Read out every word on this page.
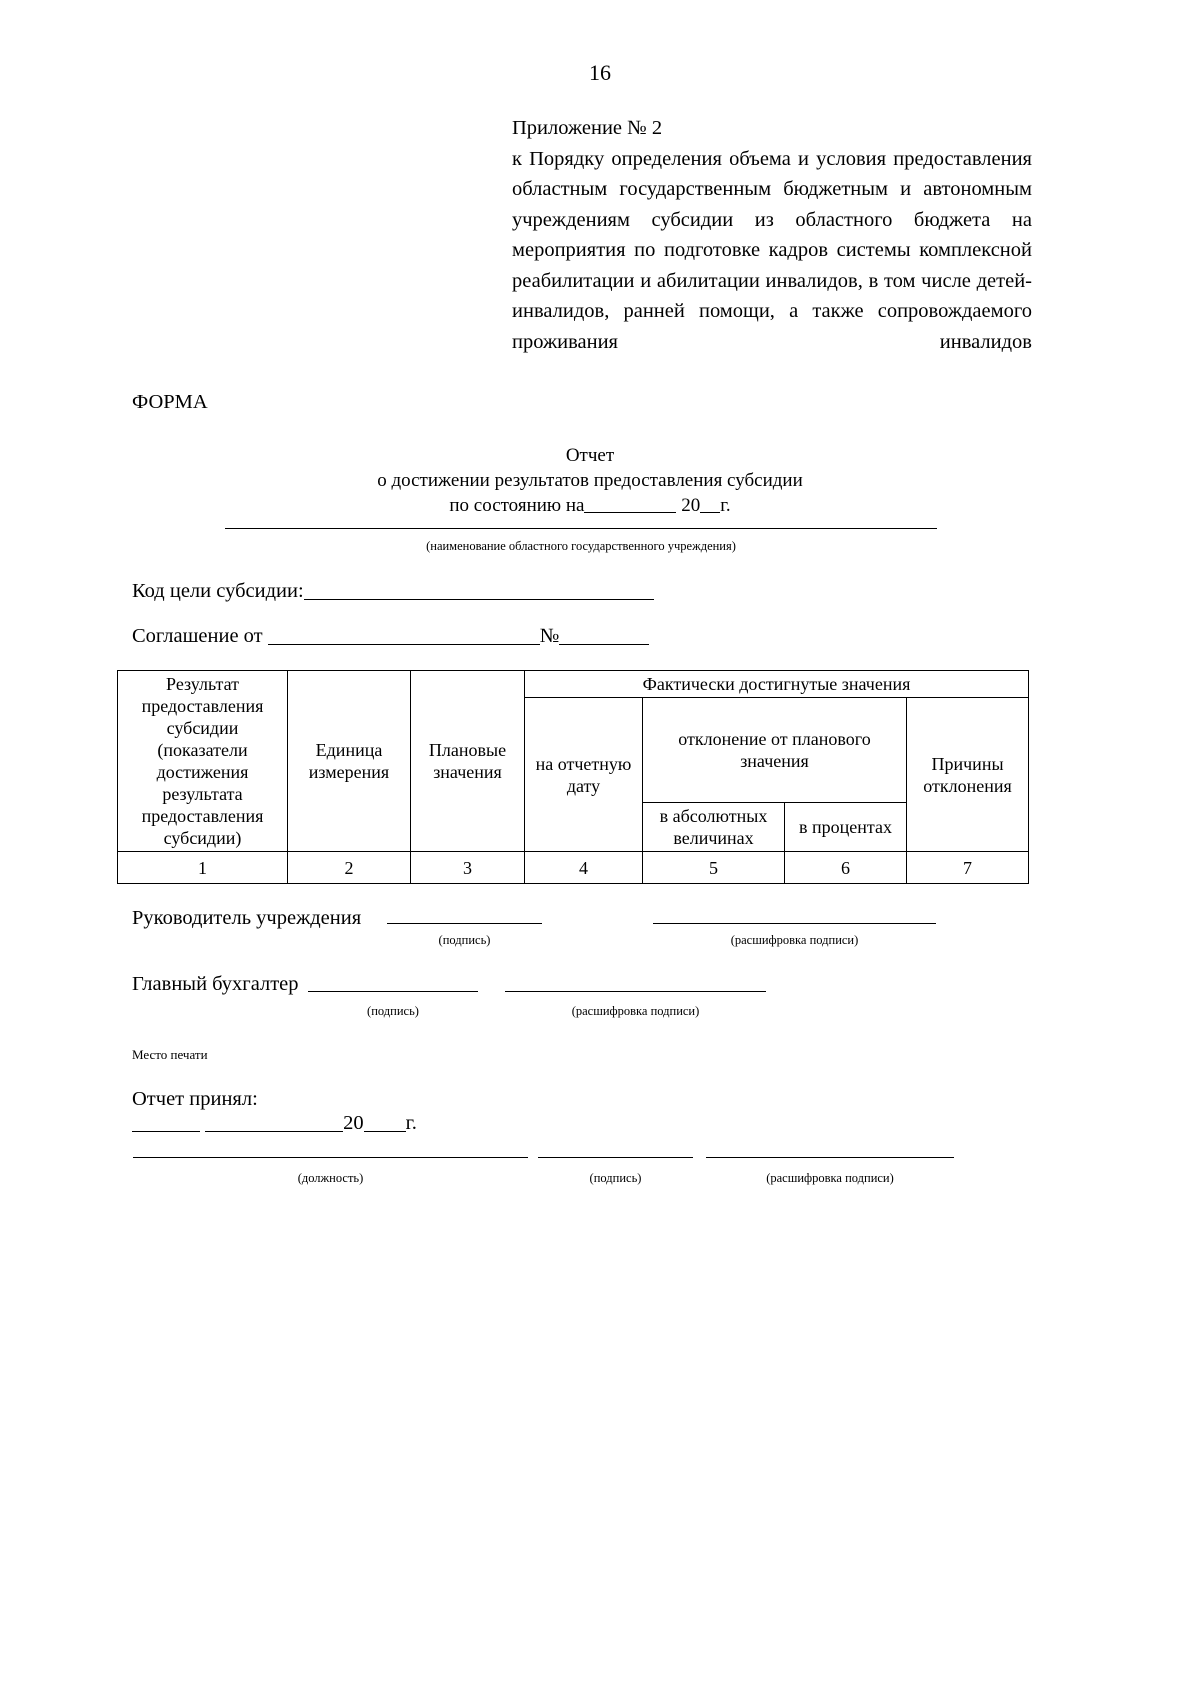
16
Приложение № 2
к Порядку определения объема и условия предоставления областным государственным бюджетным и автономным учреждениям субсидии из областного бюджета на мероприятия по подготовке кадров системы комплексной реабилитации и абилитации инвалидов, в том числе детей-инвалидов, ранней помощи, а также сопровождаемого проживания инвалидов
ФОРМА
Отчет
о достижении результатов предоставления субсидии
по состоянию на	20 г.
(наименование областного государственного учреждения)
Код цели субсидии:
Соглашение от	№
Результат предоставления субсидии (показатели достижения результата предоставления субсидии)	Единица измерения	Плановые значения	Фактически достигнутые значения			
			на отчетную дату	отклонение от планового значения		Причины отклонения
				в абсолютных величинах	в процентах	
1	2	3	4	5	6	7
Руководитель учреждения
(подпись)	(расшифровка подписи)
Главный бухгалтер
(подпись)	(расшифровка подписи)
Место печати
Отчет принял:
20 г.
(должность)	(подпись)	(расшифровка подписи)
